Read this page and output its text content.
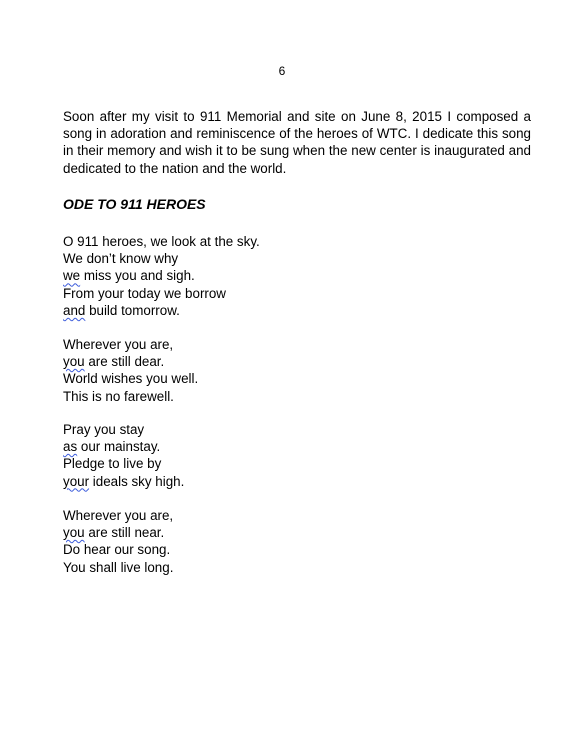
6

Soon after my visit to 911 Memorial and site on June 8, 2015 I composed a song in adoration and reminiscence of the heroes of WTC. I dedicate this song in their memory and wish it to be sung when the new center is inaugurated and dedicated to the nation and the world.

ODE TO 911 HEROES

O 911 heroes, we look at the sky.
We don’t know why
we miss you and sigh.
From your today we borrow
and build tomorrow.

Wherever you are,
you are still dear.
World wishes you well.
This is no farewell.

Pray you stay
as our mainstay.
Pledge to live by
your ideals sky high.

Wherever you are,
you are still near.
Do hear our song.
You shall live long.
